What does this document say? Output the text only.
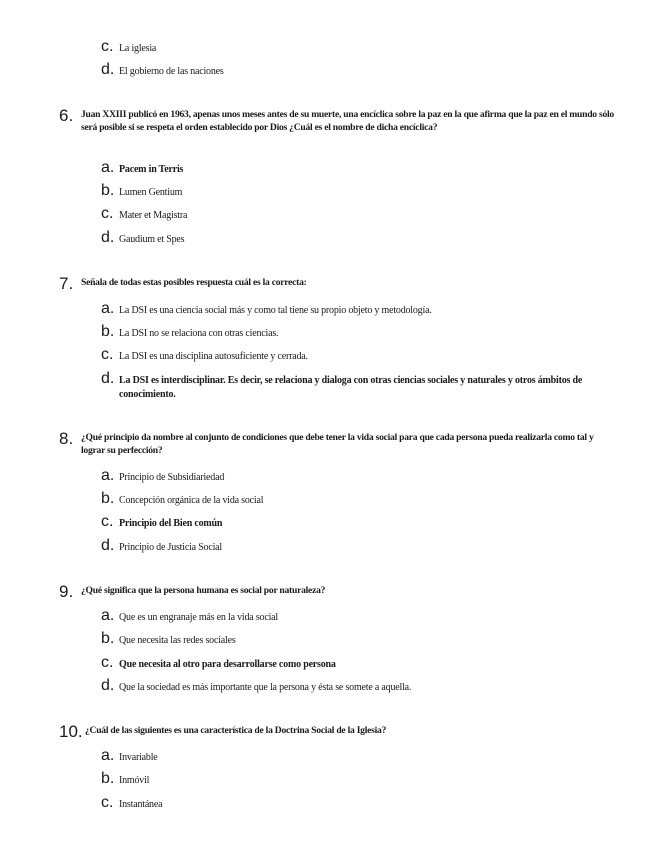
c. La iglesia
d. El gobierno de las naciones
6. Juan XXIII publicó en 1963, apenas unos meses antes de su muerte, una encíclica sobre la paz en la que afirma que la paz en el mundo sólo será posible si se respeta el orden establecido por Dios ¿Cuál es el nombre de dicha encíclica?
a. Pacem in Terris
b. Lumen Gentium
c. Mater et Magistra
d. Gaudium et Spes
7. Señala de todas estas posibles respuesta cuál es la correcta:
a. La DSI es una ciencia social más y como tal tiene su propio objeto y metodología.
b. La DSI no se relaciona con otras ciencias.
c. La DSI es una disciplina autosuficiente y cerrada.
d. La DSI es interdisciplinar. Es decir, se relaciona y dialoga con otras ciencias sociales y naturales y otros ámbitos de conocimiento.
8. ¿Qué principio da nombre al conjunto de condiciones que debe tener la vida social para que cada persona pueda realizarla como tal y lograr su perfección?
a. Principio de Subsidiariedad
b. Concepción orgánica de la vida social
c. Principio del Bien común
d. Principio de Justicia Social
9. ¿Qué significa que la persona humana es social por naturaleza?
a. Que es un engranaje más en la vida social
b. Que necesita las redes sociales
c. Que necesita al otro para desarrollarse como persona
d. Que la sociedad es más importante que la persona y ésta se somete a aquella.
10. ¿Cuál de las siguientes es una característica de la Doctrina Social de la Iglesia?
a. Invariable
b. Inmóvil
c. Instantánea
